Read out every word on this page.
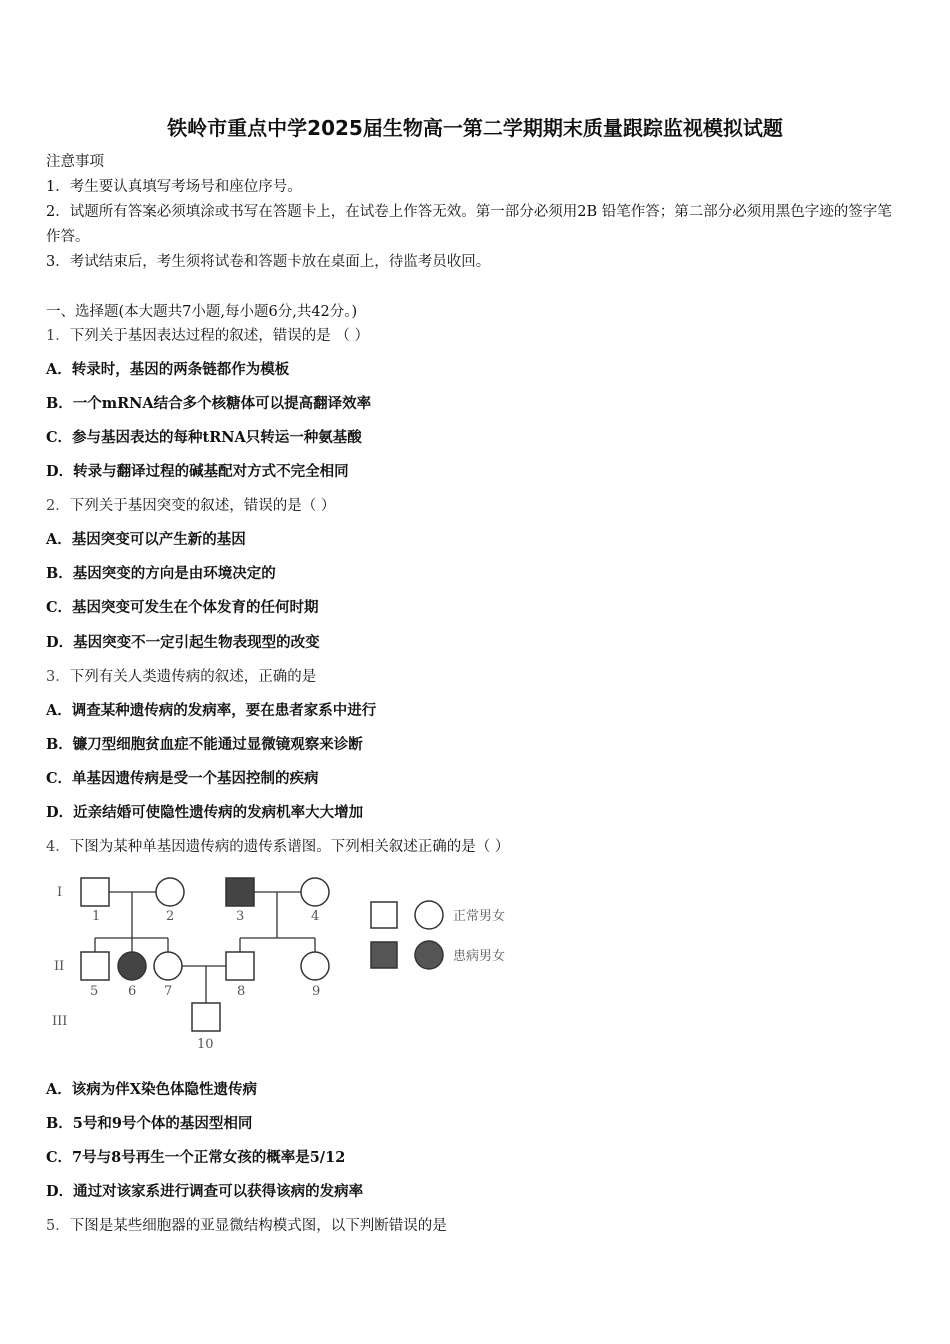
铁岭市重点中学2025届生物高一第二学期期末质量跟踪监视模拟试题
注意事项
1．考生要认真填写考场号和座位序号。
2．试题所有答案必须填涂或书写在答题卡上，在试卷上作答无效。第一部分必须用2B 铅笔作答；第二部分必须用黑色字迹的签字笔作答。
3．考试结束后，考生须将试卷和答题卡放在桌面上，待监考员收回。
一、选择题(本大题共7小题,每小题6分,共42分。)
1．下列关于基因表达过程的叙述，错误的是 （ ）
A．转录时，基因的两条链都作为模板
B．一个mRNA结合多个核糖体可以提高翻译效率
C．参与基因表达的每种tRNA只转运一种氨基酸
D．转录与翻译过程的碱基配对方式不完全相同
2．下列关于基因突变的叙述，错误的是（ ）
A．基因突变可以产生新的基因
B．基因突变的方向是由环境决定的
C．基因突变可发生在个体发育的任何时期
D．基因突变不一定引起生物表现型的改变
3．下列有关人类遗传病的叙述，正确的是
A．调查某种遗传病的发病率，要在患者家系中进行
B．镰刀型细胞贫血症不能通过显微镜观察来诊断
C．单基因遗传病是受一个基因控制的疾病
D．近亲结婚可使隐性遗传病的发病机率大大增加
4．下图为某种单基因遗传病的遗传系谱图。下列相关叙述正确的是（ ）
I
II
III
1	2	3	4
5 6 7	8	9
10
正常男女
患病男女
A．该病为伴X染色体隐性遗传病
B．5号和9号个体的基因型相同
C．7号与8号再生一个正常女孩的概率是5/12
D．通过对该家系进行调查可以获得该病的发病率
5．下图是某些细胞器的亚显微结构模式图，以下判断错误的是
